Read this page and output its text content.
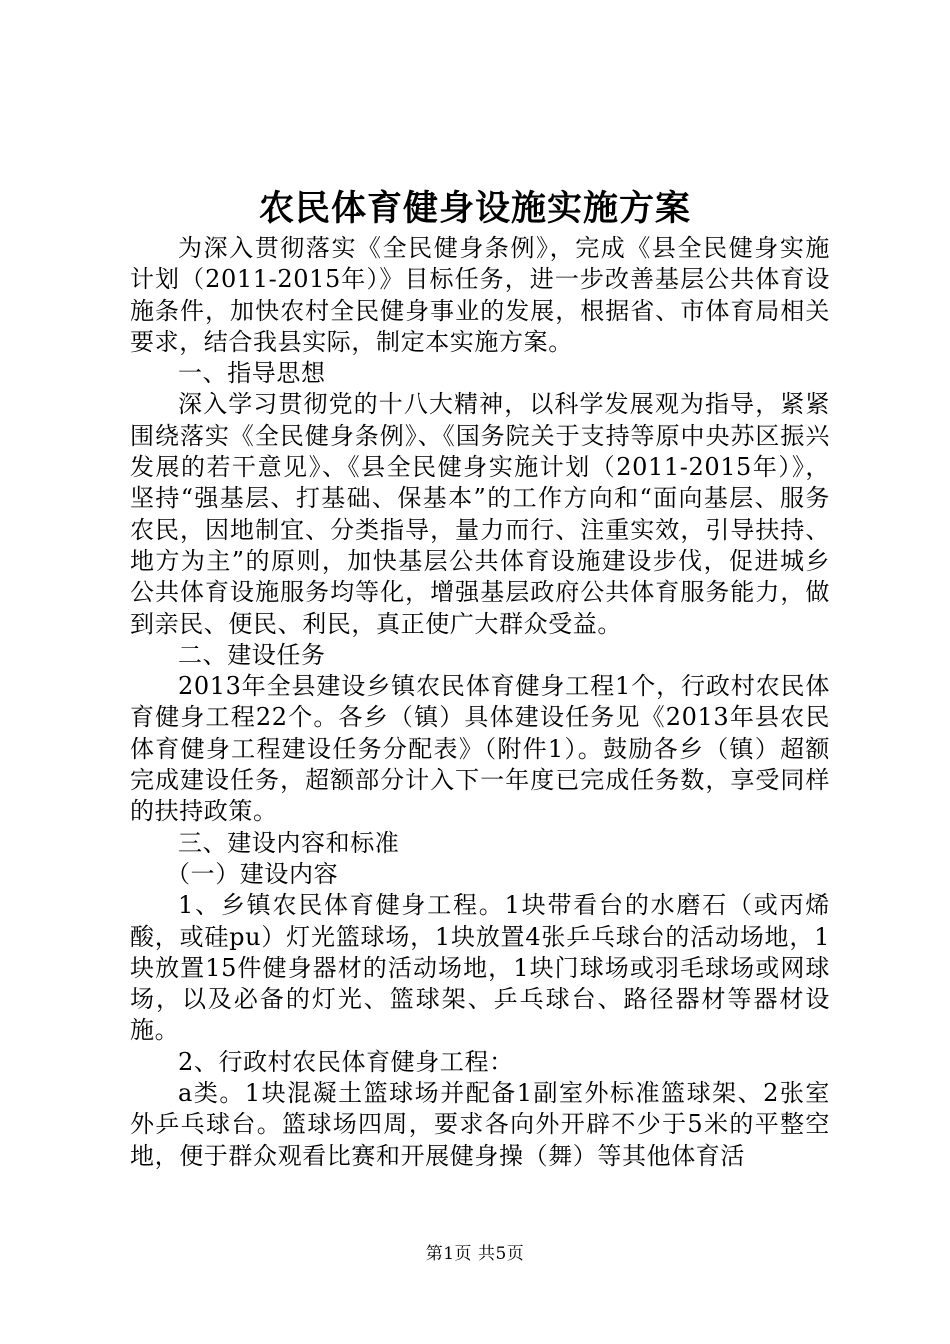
农民体育健身设施实施方案

为深入贯彻落实《全民健身条例》，完成《县全民健身实施计划（2011-2015年）》目标任务，进一步改善基层公共体育设施条件，加快农村全民健身事业的发展，根据省、市体育局相关要求，结合我县实际，制定本实施方案。

一、指导思想

深入学习贯彻党的十八大精神，以科学发展观为指导，紧紧围绕落实《全民健身条例》、《国务院关于支持等原中央苏区振兴发展的若干意见》、《县全民健身实施计划（2011-2015年）》，坚持“强基层、打基础、保基本”的工作方向和“面向基层、服务农民，因地制宜、分类指导，量力而行、注重实效，引导扶持、地方为主”的原则，加快基层公共体育设施建设步伐，促进城乡公共体育设施服务均等化，增强基层政府公共体育服务能力，做到亲民、便民、利民，真正使广大群众受益。

二、建设任务

2013年全县建设乡镇农民体育健身工程1个，行政村农民体育健身工程22个。各乡（镇）具体建设任务见《2013年县农民体育健身工程建设任务分配表》（附件1）。鼓励各乡（镇）超额完成建设任务，超额部分计入下一年度已完成任务数，享受同样的扶持政策。

三、建设内容和标准

（一）建设内容

1、乡镇农民体育健身工程。1块带看台的水磨石（或丙烯酸，或硅pu）灯光篮球场，1块放置4张乒乓球台的活动场地，1块放置15件健身器材的活动场地，1块门球场或羽毛球场或网球场，以及必备的灯光、篮球架、乒乓球台、路径器材等器材设施。

2、行政村农民体育健身工程：

a类。1块混凝土篮球场并配备1副室外标准篮球架、2张室外乒乓球台。篮球场四周，要求各向外开辟不少于5米的平整空地，便于群众观看比赛和开展健身操（舞）等其他体育活

第1页 共5页
